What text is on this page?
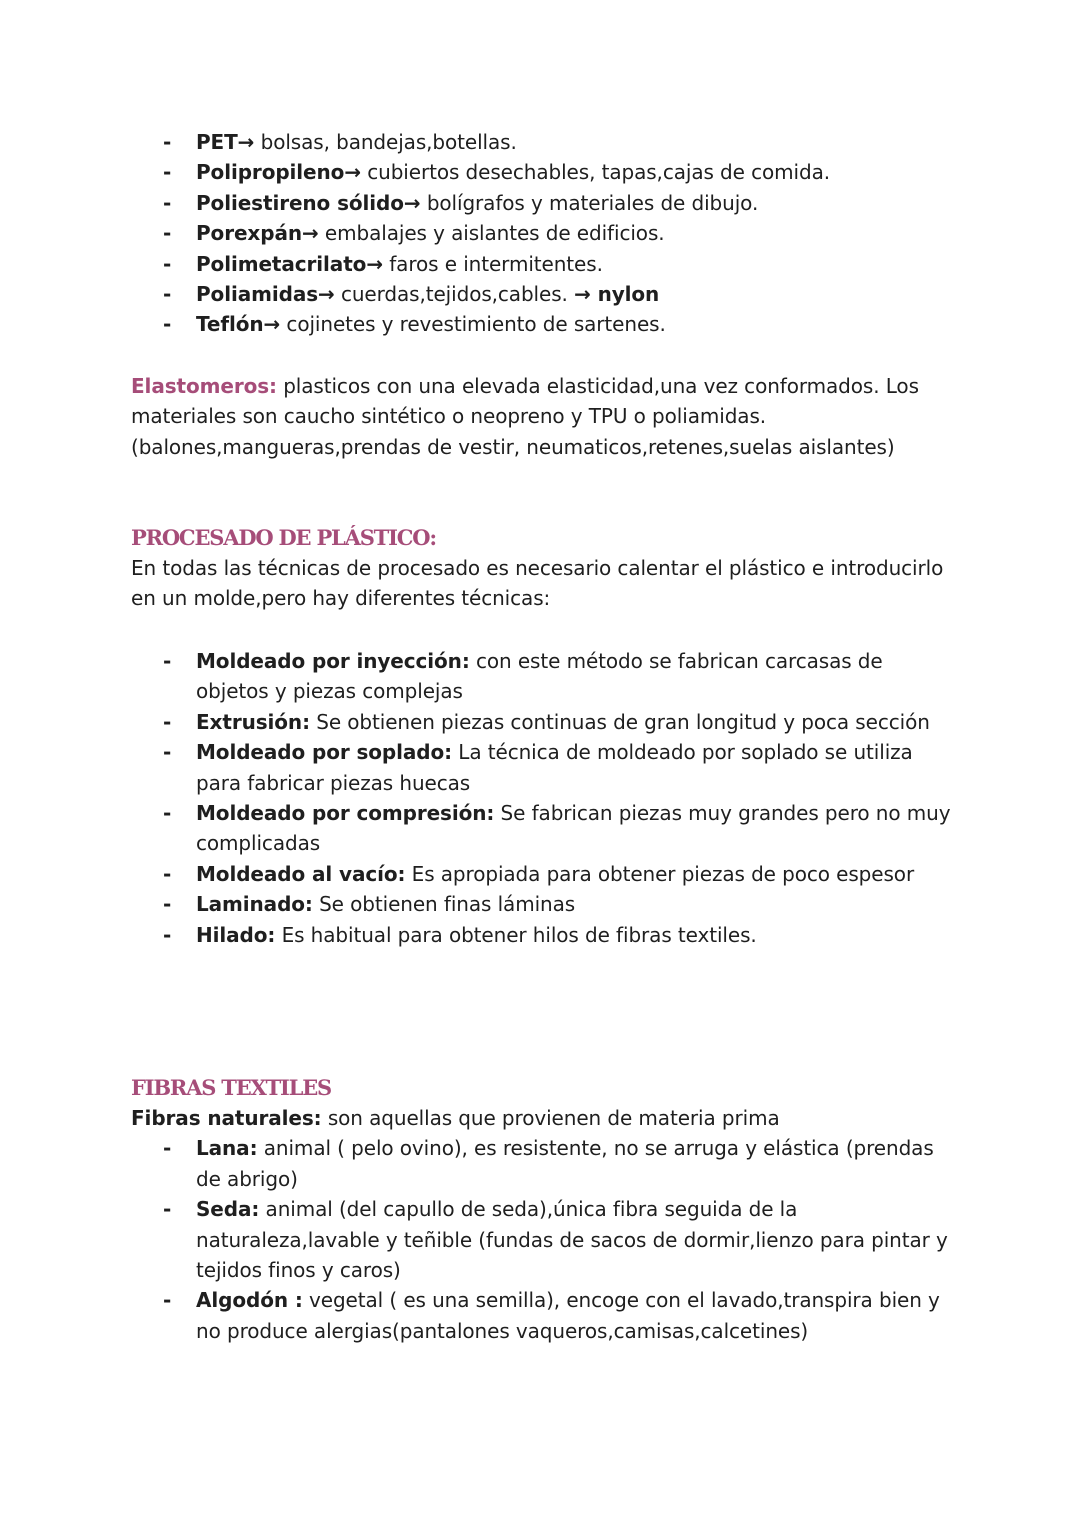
- PET→ bolsas, bandejas,botellas.
- Polipropileno→ cubiertos desechables, tapas,cajas de comida.
- Poliestireno sólido→ bolígrafos y materiales de dibujo.
- Porexpán→ embalajes y aislantes de edificios.
- Polimetacrilato→ faros e intermitentes.
- Poliamidas→ cuerdas,tejidos,cables. → nylon
- Teflón→ cojinetes y revestimiento de sartenes.

Elastomeros: plasticos con una elevada elasticidad,una vez conformados. Los materiales son caucho sintético o neopreno y TPU o poliamidas. (balones,mangueras,prendas de vestir, neumaticos,retenes,suelas aislantes)

PROCESADO DE PLÁSTICO:

En todas las técnicas de procesado es necesario calentar el plástico e introducirlo en un molde,pero hay diferentes técnicas:

- Moldeado por inyección: con este método se fabrican carcasas de objetos y piezas complejas
- Extrusión: Se obtienen piezas continuas de gran longitud y poca sección
- Moldeado por soplado: La técnica de moldeado por soplado se utiliza para fabricar piezas huecas
- Moldeado por compresión: Se fabrican piezas muy grandes pero no muy complicadas
- Moldeado al vacío: Es apropiada para obtener piezas de poco espesor
- Laminado: Se obtienen finas láminas
- Hilado: Es habitual para obtener hilos de fibras textiles.
FIBRAS TEXTILES

Fibras naturales: son aquellas que provienen de materia prima

- Lana: animal ( pelo ovino), es resistente, no se arruga y elástica (prendas de abrigo)
- Seda: animal (del capullo de seda),única fibra seguida de la naturaleza,lavable y teñible (fundas de sacos de dormir,lienzo para pintar y tejidos finos y caros)
- Algodón : vegetal ( es una semilla), encoge con el lavado,transpira bien y no produce alergias(pantalones vaqueros,camisas,calcetines)
